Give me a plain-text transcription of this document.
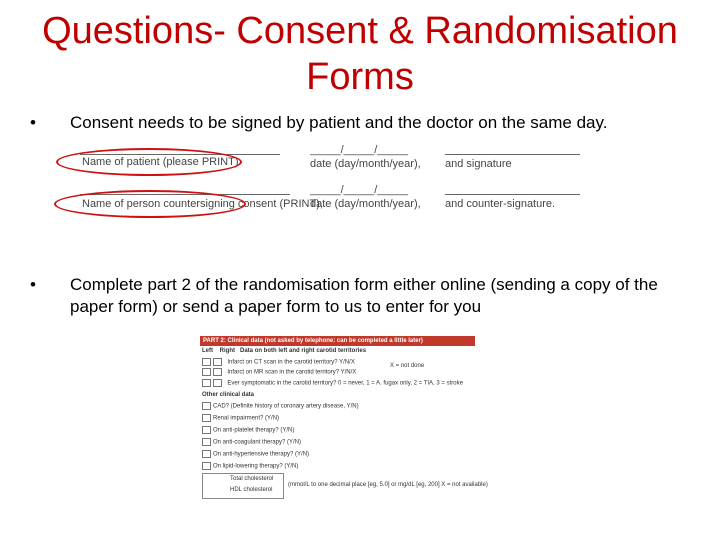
Questions- Consent & Randomisation
Forms
• Consent needs to be signed by patient and the doctor on the same day.
Name of patient (please PRINT)
_____/_____/_____
date (day/month/year), and signature
Name of person countersigning consent (PRINT),
_____/_____/_____
date (day/month/year), and counter-signature.
• Complete part 2 of the randomisation form either online (sending a copy of the paper form) or send a paper form to us to enter for you
PART 2: Clinical data (not asked by telephone: can be completed a little later)
Left Right Data on both left and right carotid territories
Infarct on CT scan in the carotid territory? Y/N/X
Infarct on MR scan in the carotid territory? Y/N/X
X = not done
Ever symptomatic in the carotid territory? 0 = never, 1 = A. fugax only, 2 = TIA, 3 = stroke
Other clinical data
CAD? (Definite history of coronary artery disease, Y/N)
Renal impairment? (Y/N)
On anti-platelet therapy? (Y/N)
On anti-coagulant therapy? (Y/N)
On anti-hypertensive therapy? (Y/N)
On lipid-lowering therapy? (Y/N)
Total cholesterol
HDL cholesterol
(mmol/L to one decimal place [eg, 5.0] or mg/dL [eg, 200] X = not available)
